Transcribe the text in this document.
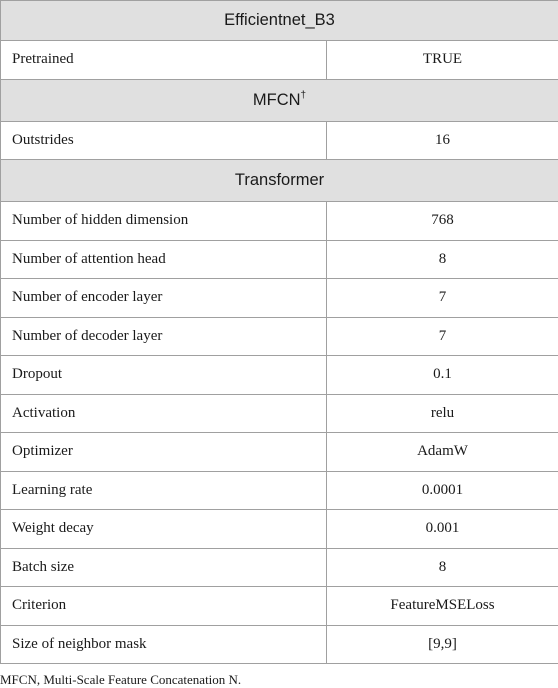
Efficientnet_B3	
Pretrained	TRUE
MFCN†
Outstrides	16
Transformer	
Number of hidden dimension	768
Number of attention head	8
Number of encoder layer	7
Number of decoder layer	7
Dropout	0.1
Activation	relu
Optimizer	AdamW
Learning rate	0.0001
Weight decay	0.001
Batch size	8
Criterion	FeatureMSELoss
Size of neighbor mask	[9,9]
MFCN, Multi-Scale Feature Concatenation N.
